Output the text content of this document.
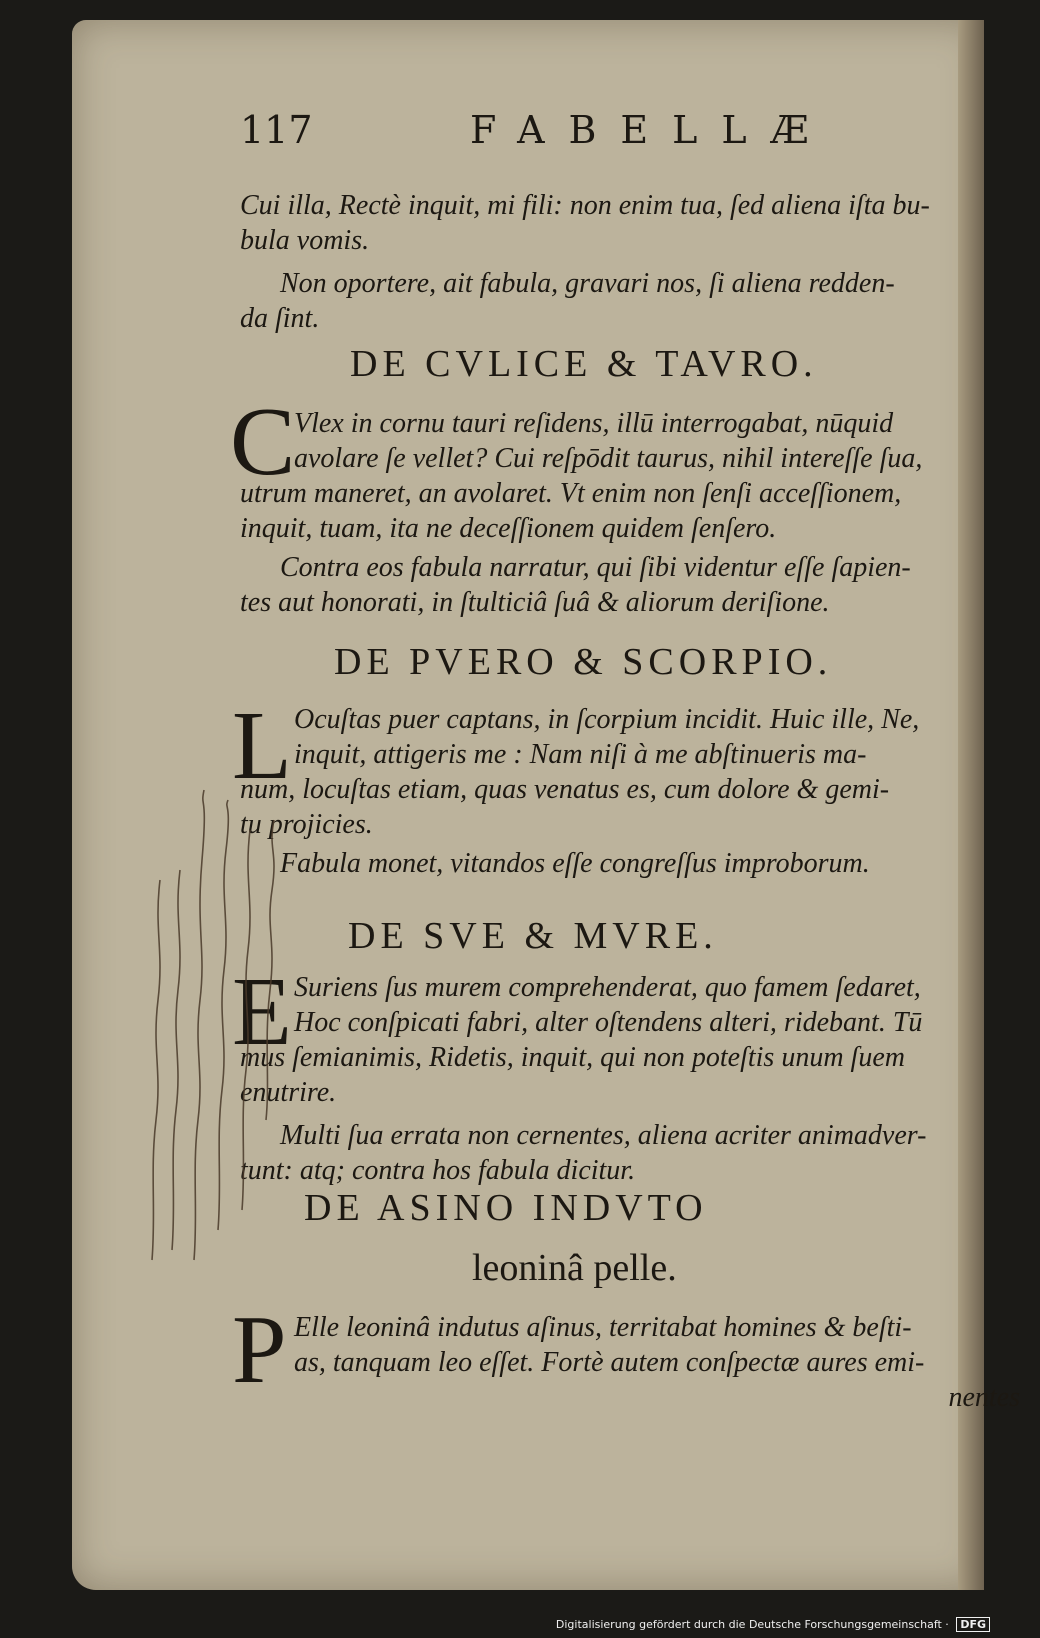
117	FABELLÆ

Cui illa, Rectè inquit, mi fili: non enim tua, ſed aliena iſta bu-
bula vomis.

Non oportere, ait fabula, gravari nos, ſi aliena redden-
da ſint.

DE CVLICE & TAVRO.
C

Vlex in cornu tauri reſidens, illū interrogabat, nūquid
avolare ſe vellet? Cui reſpōdit taurus, nihil intereſſe ſua,

utrum maneret, an avolaret. Vt enim non ſenſi acceſſionem,
inquit, tuam, ita ne deceſſionem quidem ſenſero.

Contra eos fabula narratur, qui ſibi videntur eſſe ſapien-
tes aut honorati, in ſtulticiâ ſuâ & aliorum deriſione.

DE PVERO & SCORPIO.
L Ocuſtas puer captans, in ſcorpium incidit. Huic ille, Ne,
inquit, attigeris me : Nam niſi à me abſtinueris ma-

num, locuſtas etiam, quas venatus es, cum dolore & gemi-
tu projicies.

Fabula monet, vitandos eſſe congreſſus improborum.

DE SVE & MVRE.
E Suriens ſus murem comprehenderat, quo famem ſedaret,
Hoc conſpicati fabri, alter oſtendens alteri, ridebant. Tū

mus ſemianimis, Ridetis, inquit, qui non poteſtis unum ſuem
enutrire.

Multi ſua errata non cernentes, aliena acriter animadver-
tunt: atq; contra hos fabula dicitur.

DE ASINO INDVTO
leoninâ pelle.
P Elle leoninâ indutus aſinus, territabat homines & beſti-
as, tanquam leo eſſet. Fortè autem conſpectæ aures emi-

nentes

Digitalisierung gefördert durch die Deutsche Forschungsgemeinschaft · DFG
